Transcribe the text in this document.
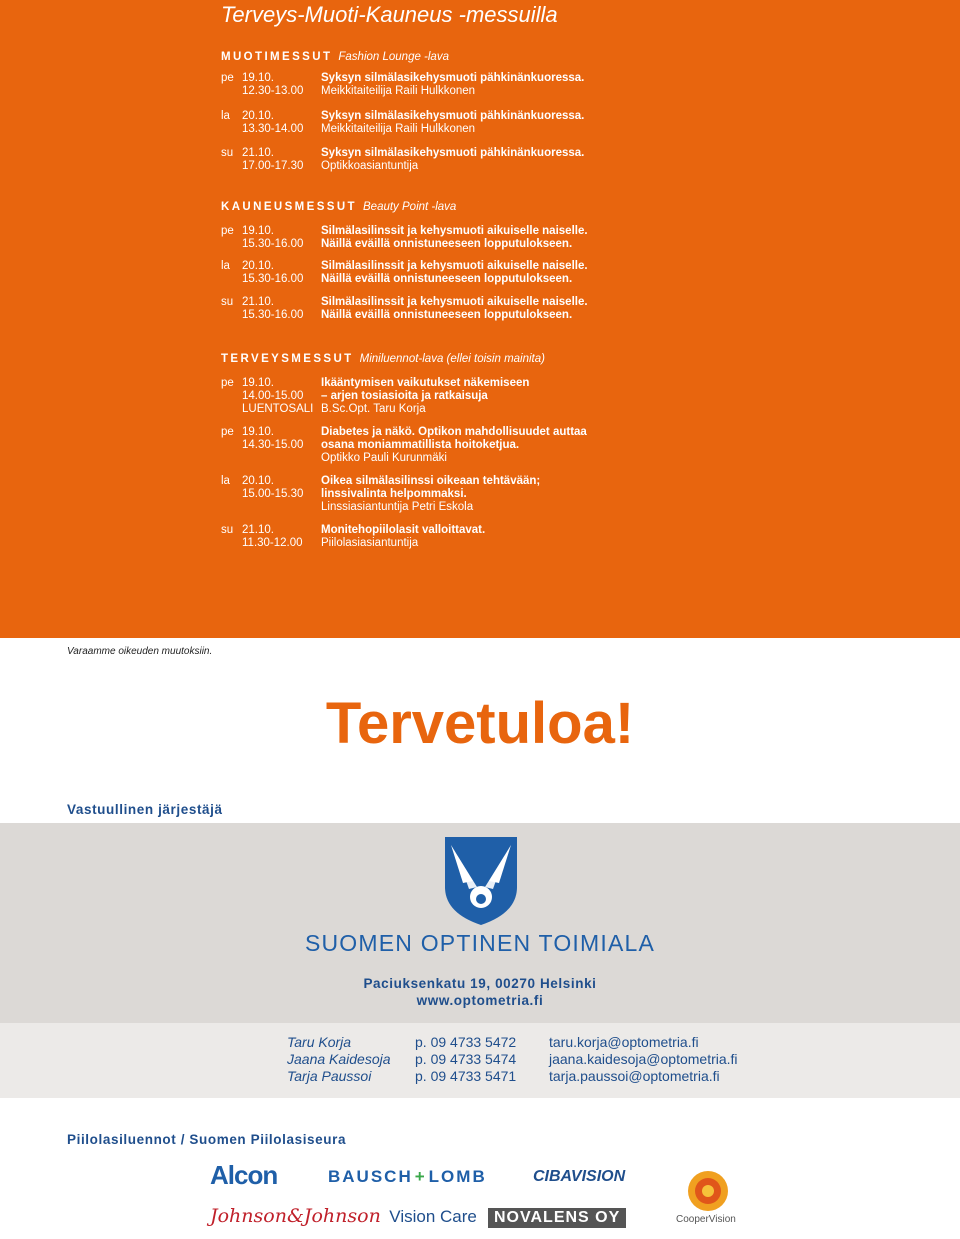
Terveys-Muoti-Kauneus -messuilla
MUOTIMESSUT Fashion Lounge -lava
pe 19.10.
12.30-13.00
Syksyn silmälasikehysmuoti pähkinänkuoressa.
Meikkitaiteilija Raili Hulkkonen
la	20.10.
13.30-14.00
Syksyn silmälasikehysmuoti pähkinänkuoressa.
Meikkitaiteilija Raili Hulkkonen
su 21.10.
17.00-17.30
Syksyn silmälasikehysmuoti pähkinänkuoressa.
Optikkoasiantuntija
KAUNEUSMESSUT Beauty Point -lava
pe 19.10.
15.30-16.00
Silmälasilinssit ja kehysmuoti aikuiselle naiselle.
Näillä eväillä onnistuneeseen lopputulokseen.
la	20.10.
15.30-16.00
Silmälasilinssit ja kehysmuoti aikuiselle naiselle.
Näillä eväillä onnistuneeseen lopputulokseen.
su 21.10.
15.30-16.00
Silmälasilinssit ja kehysmuoti aikuiselle naiselle.
Näillä eväillä onnistuneeseen lopputulokseen.
TERVEYSMESSUT Miniluennot-lava (ellei toisin mainita)
pe 19.10.
14.00-15.00
LUENTOSALI
Ikääntymisen vaikutukset näkemiseen
– arjen tosiasioita ja ratkaisuja
B.Sc.Opt. Taru Korja
pe 19.10.
14.30-15.00
Diabetes ja näkö. Optikon mahdollisuudet auttaa
osana moniammatillista hoitoketjua.
Optikko Pauli Kurunmäki
la	20.10.
15.00-15.30
Oikea silmälasilinssi oikeaan tehtävään;
linssivalinta helpommaksi.
Linssiasiantuntija Petri Eskola
su 21.10.
11.30-12.00
Monitehopiilolasit valloittavat.
Piilolasiasiantuntija
Varaamme oikeuden muutoksiin.
Tervetuloa!
Vastuullinen järjestäjä
SUOMEN OPTINEN TOIMIALA
Paciuksenkatu 19, 00270 Helsinki
www.optometria.fi
Taru Korja	p. 09 4733 5472 taru.korja@optometria.fi
Jaana Kaidesoja p. 09 4733 5474 jaana.kaidesoja@optometria.fi
Tarja Paussoi	p. 09 4733 5471 tarja.paussoi@optometria.fi
Piilolasiluennot / Suomen Piilolasiseura
Alcon	BAUSCH + LOMB	CIBAVISION
CooperVision
Johnson&Johnson Vision Care	NOVALENS OY
